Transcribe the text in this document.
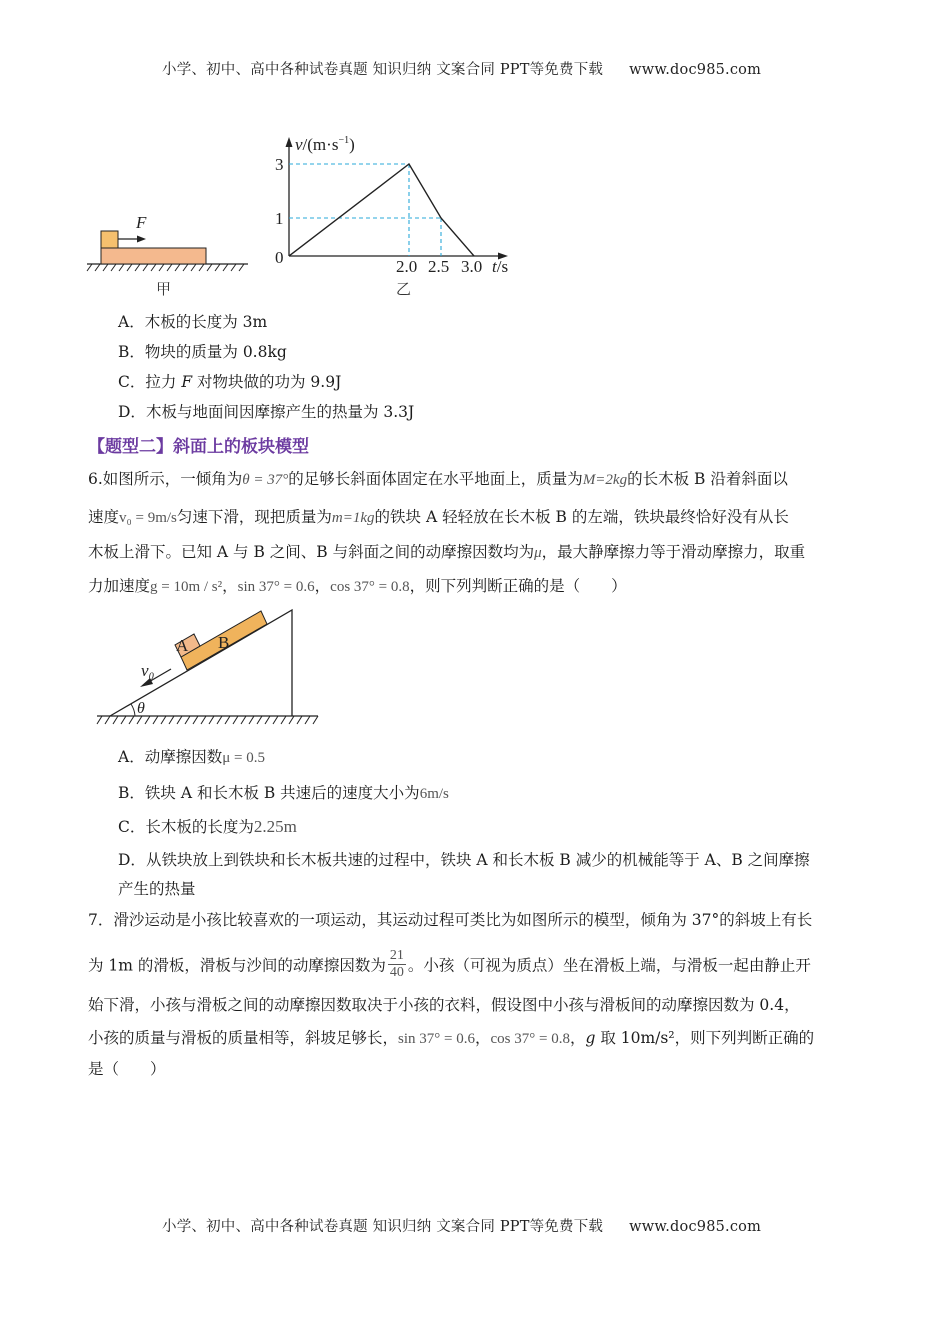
小学、初中、高中各种试卷真题 知识归纳 文案合同 PPT等免费下载 www.doc985.com
F
甲
3
1
0	2.0 2.5 3.0 t/s
$v/(m\cdot s^{-1})$
乙
A．木板的长度为 3m
B．物块的质量为 0.8kg
C．拉力 F 对物块做的功为 9.9J
D．木板与地面间因摩擦产生的热量为 3.3J
【题型二】斜面上的板块模型
6.如图所示，一倾角为θ = 37°的足够长斜面体固定在水平地面上，质量为M=2kg的长木板 B 沿着斜面以
速度v₀ = 9m/s匀速下滑，现把质量为m=1kg的铁块 A 轻轻放在长木板 B 的左端，铁块最终恰好没有从长
木板上滑下。已知 A 与 B 之间、B 与斜面之间的动摩擦因数均为μ，最大静摩擦力等于滑动摩擦力，取重
力加速度g = 10m / s²，sin 37° = 0.6，cos 37° = 0.8，则下列判断正确的是（　　）
A B
v₀
θ
A．动摩擦因数μ = 0.5
B．铁块 A 和长木板 B 共速后的速度大小为6m/s
C．长木板的长度为2.25m
D．从铁块放上到铁块和长木板共速的过程中，铁块 A 和长木板 B 减少的机械能等于 A、B 之间摩擦
产生的热量
7．滑沙运动是小孩比较喜欢的一项运动，其运动过程可类比为如图所示的模型，倾角为 37°的斜坡上有长
为 1m 的滑板，滑板与沙间的动摩擦因数为 $\frac{21}{40}$ 。小孩（可视为质点）坐在滑板上端，与滑板一起由静止开
始下滑，小孩与滑板之间的动摩擦因数取决于小孩的衣料，假设图中小孩与滑板间的动摩擦因数为 0.4，
小孩的质量与滑板的质量相等，斜坡足够长，sin 37° = 0.6，cos 37° = 0.8，g 取 10m/s²，则下列判断正确的
是（　　）
小学、初中、高中各种试卷真题 知识归纳 文案合同 PPT等免费下载 www.doc985.com
